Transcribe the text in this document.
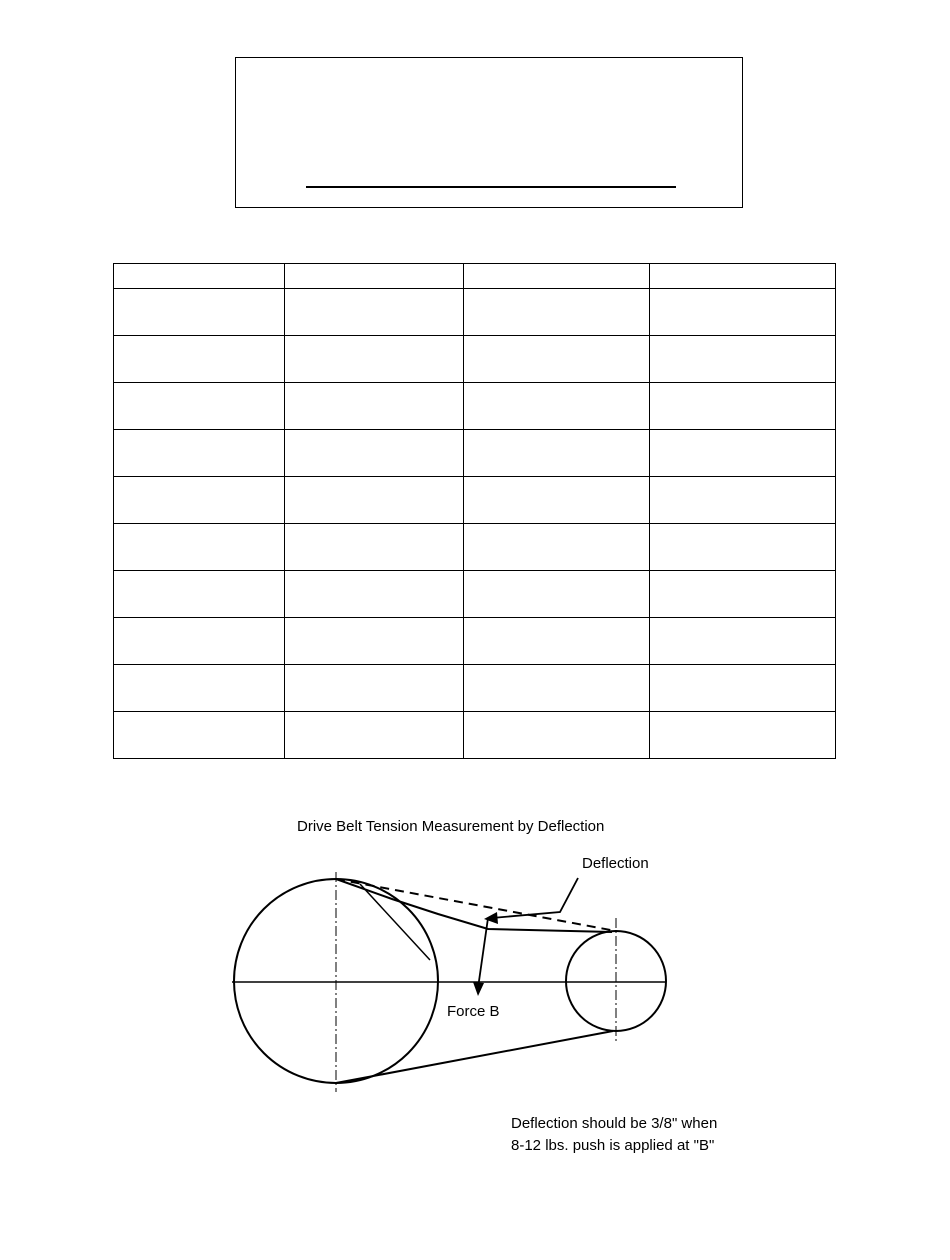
Drive Belt Tension Measurement by Deflection
Deflection
Force B
Deflection should be 3/8" when
8-12 lbs. push is applied at "B"
